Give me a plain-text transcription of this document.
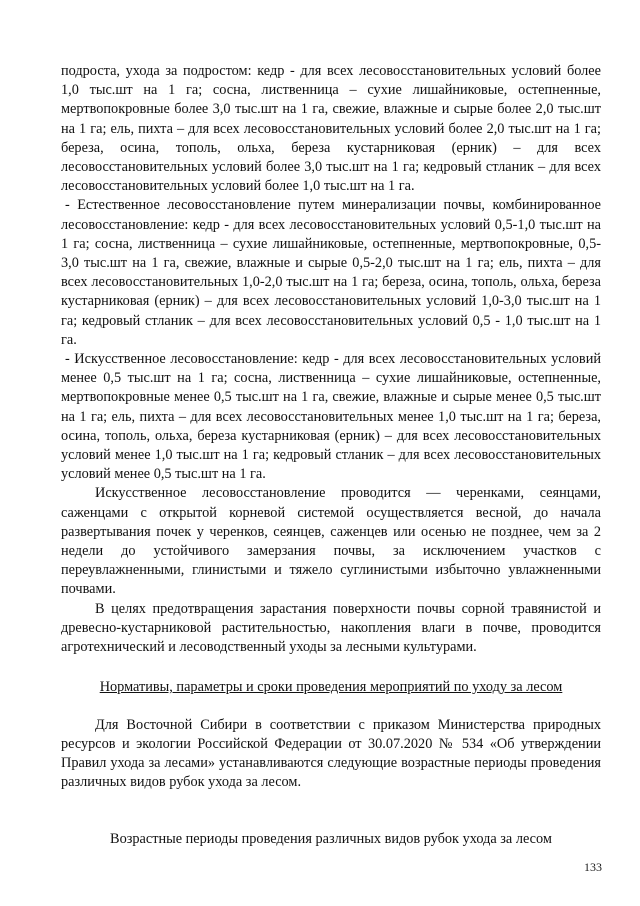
подроста, ухода за подростом: кедр - для всех лесовосстановительных условий более 1,0 тыс.шт на 1 га; сосна, лиственница – сухие лишайниковые, остепненные, мертвопокровные более 3,0 тыс.шт на 1 га, свежие, влажные и сырые более 2,0 тыс.шт на 1 га; ель, пихта – для всех лесовосстановительных условий более 2,0 тыс.шт на 1 га; береза, осина, тополь, ольха, береза кустарниковая (ерник) – для всех лесовосстановительных условий более 3,0 тыс.шт на 1 га; кедровый стланик – для всех лесовосстановительных условий более 1,0 тыс.шт на 1 га.

- Естественное лесовосстановление путем минерализации почвы, комбинированное лесовосстановление: кедр - для всех лесовосстановительных условий 0,5-1,0 тыс.шт на 1 га; сосна, лиственница – сухие лишайниковые, остепненные, мертвопокровные, 0,5-3,0 тыс.шт на 1 га, свежие, влажные и сырые 0,5-2,0 тыс.шт на 1 га; ель, пихта – для всех лесовосстановительных 1,0-2,0 тыс.шт на 1 га; береза, осина, тополь, ольха, береза кустарниковая (ерник) – для всех лесовосстановительных условий 1,0-3,0 тыс.шт на 1 га; кедровый стланик – для всех лесовосстановительных условий 0,5 - 1,0 тыс.шт на 1 га.

- Искусственное лесовосстановление: кедр - для всех лесовосстановительных условий менее 0,5 тыс.шт на 1 га; сосна, лиственница – сухие лишайниковые, остепненные, мертвопокровные менее 0,5 тыс.шт на 1 га, свежие, влажные и сырые менее 0,5 тыс.шт на 1 га; ель, пихта – для всех лесовосстановительных менее 1,0 тыс.шт на 1 га; береза, осина, тополь, ольха, береза кустарниковая (ерник) – для всех лесовосстановительных условий менее 1,0 тыс.шт на 1 га; кедровый стланик – для всех лесовосстановительных условий менее 0,5 тыс.шт на 1 га.

Искусственное лесовосстановление проводится — черенками, сеянцами, саженцами с открытой корневой системой осуществляется весной, до начала развертывания почек у черенков, сеянцев, саженцев или осенью не позднее, чем за 2 недели до устойчивого замерзания почвы, за исключением участков с переувлажненными, глинистыми и тяжело суглинистыми избыточно увлажненными почвами.

В целях предотвращения зарастания поверхности почвы сорной травянистой и древесно-кустарниковой растительностью, накопления влаги в почве, проводится агротехнический и лесоводственный уходы за лесными культурами.

Нормативы, параметры и сроки проведения мероприятий по уходу за лесом

Для Восточной Сибири в соответствии с приказом Министерства природных ресурсов и экологии Российской Федерации от 30.07.2020 № 534 «Об утверждении Правил ухода за лесами» устанавливаются следующие возрастные периоды проведения различных видов рубок ухода за лесом.

Возрастные периоды проведения различных видов рубок ухода за лесом

133
